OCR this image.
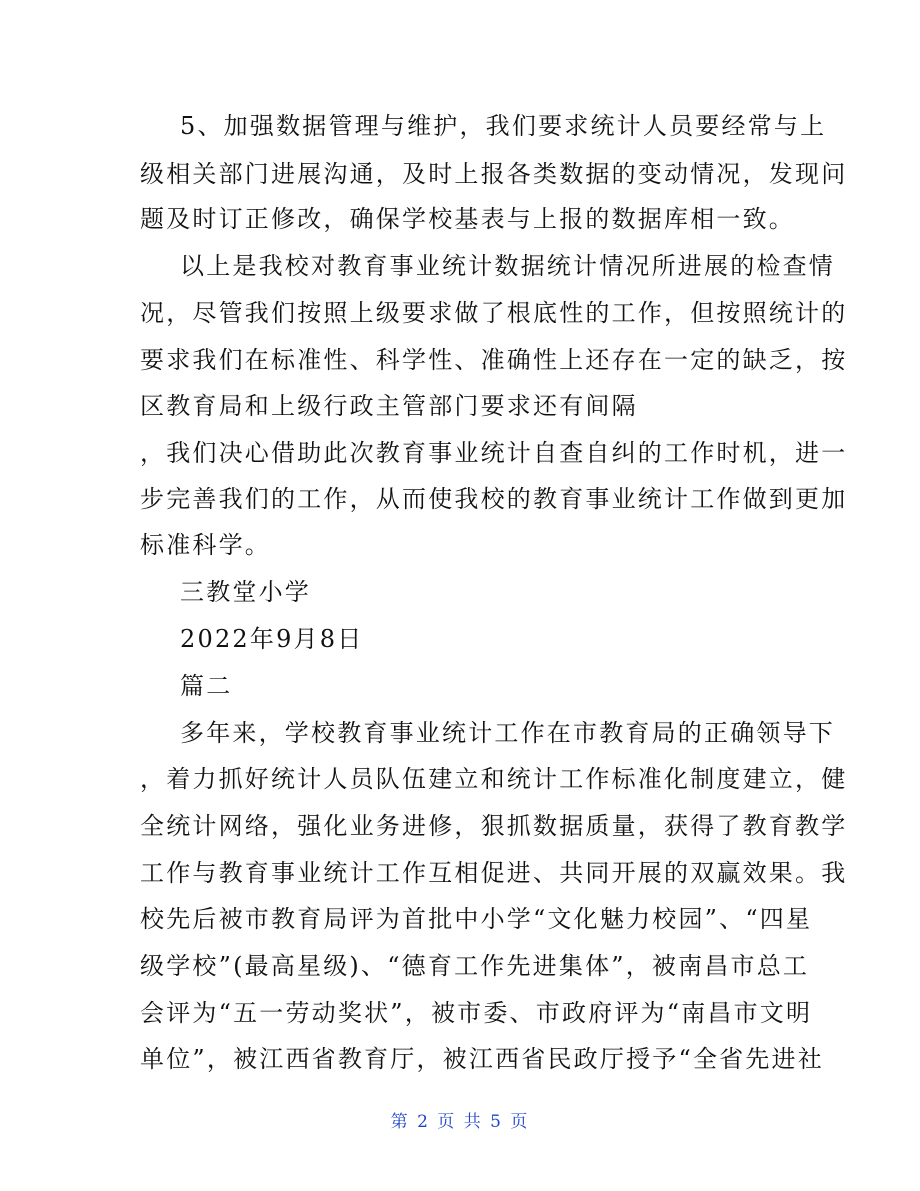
5、加强数据管理与维护，我们要求统计人员要经常与上
级相关部门进展沟通，及时上报各类数据的变动情况，发现问
题及时订正修改，确保学校基表与上报的数据库相一致。
以上是我校对教育事业统计数据统计情况所进展的检查情
况，尽管我们按照上级要求做了根底性的工作，但按照统计的
要求我们在标准性、科学性、准确性上还存在一定的缺乏，按
区教育局和上级行政主管部门要求还有间隔
，我们决心借助此次教育事业统计自查自纠的工作时机，进一
步完善我们的工作，从而使我校的教育事业统计工作做到更加
标准科学。
三教堂小学
2022年9月8日
篇二
多年来，学校教育事业统计工作在市教育局的正确领导下
，着力抓好统计人员队伍建立和统计工作标准化制度建立，健
全统计网络，强化业务进修，狠抓数据质量，获得了教育教学
工作与教育事业统计工作互相促进、共同开展的双赢效果。我
校先后被市教育局评为首批中小学“文化魅力校园”、“四星
级学校”(最高星级)、“德育工作先进集体”，被南昌市总工
会评为“五一劳动奖状”，被市委、市政府评为“南昌市文明
单位”，被江西省教育厅，被江西省民政厅授予“全省先进社
第 2 页 共 5 页
